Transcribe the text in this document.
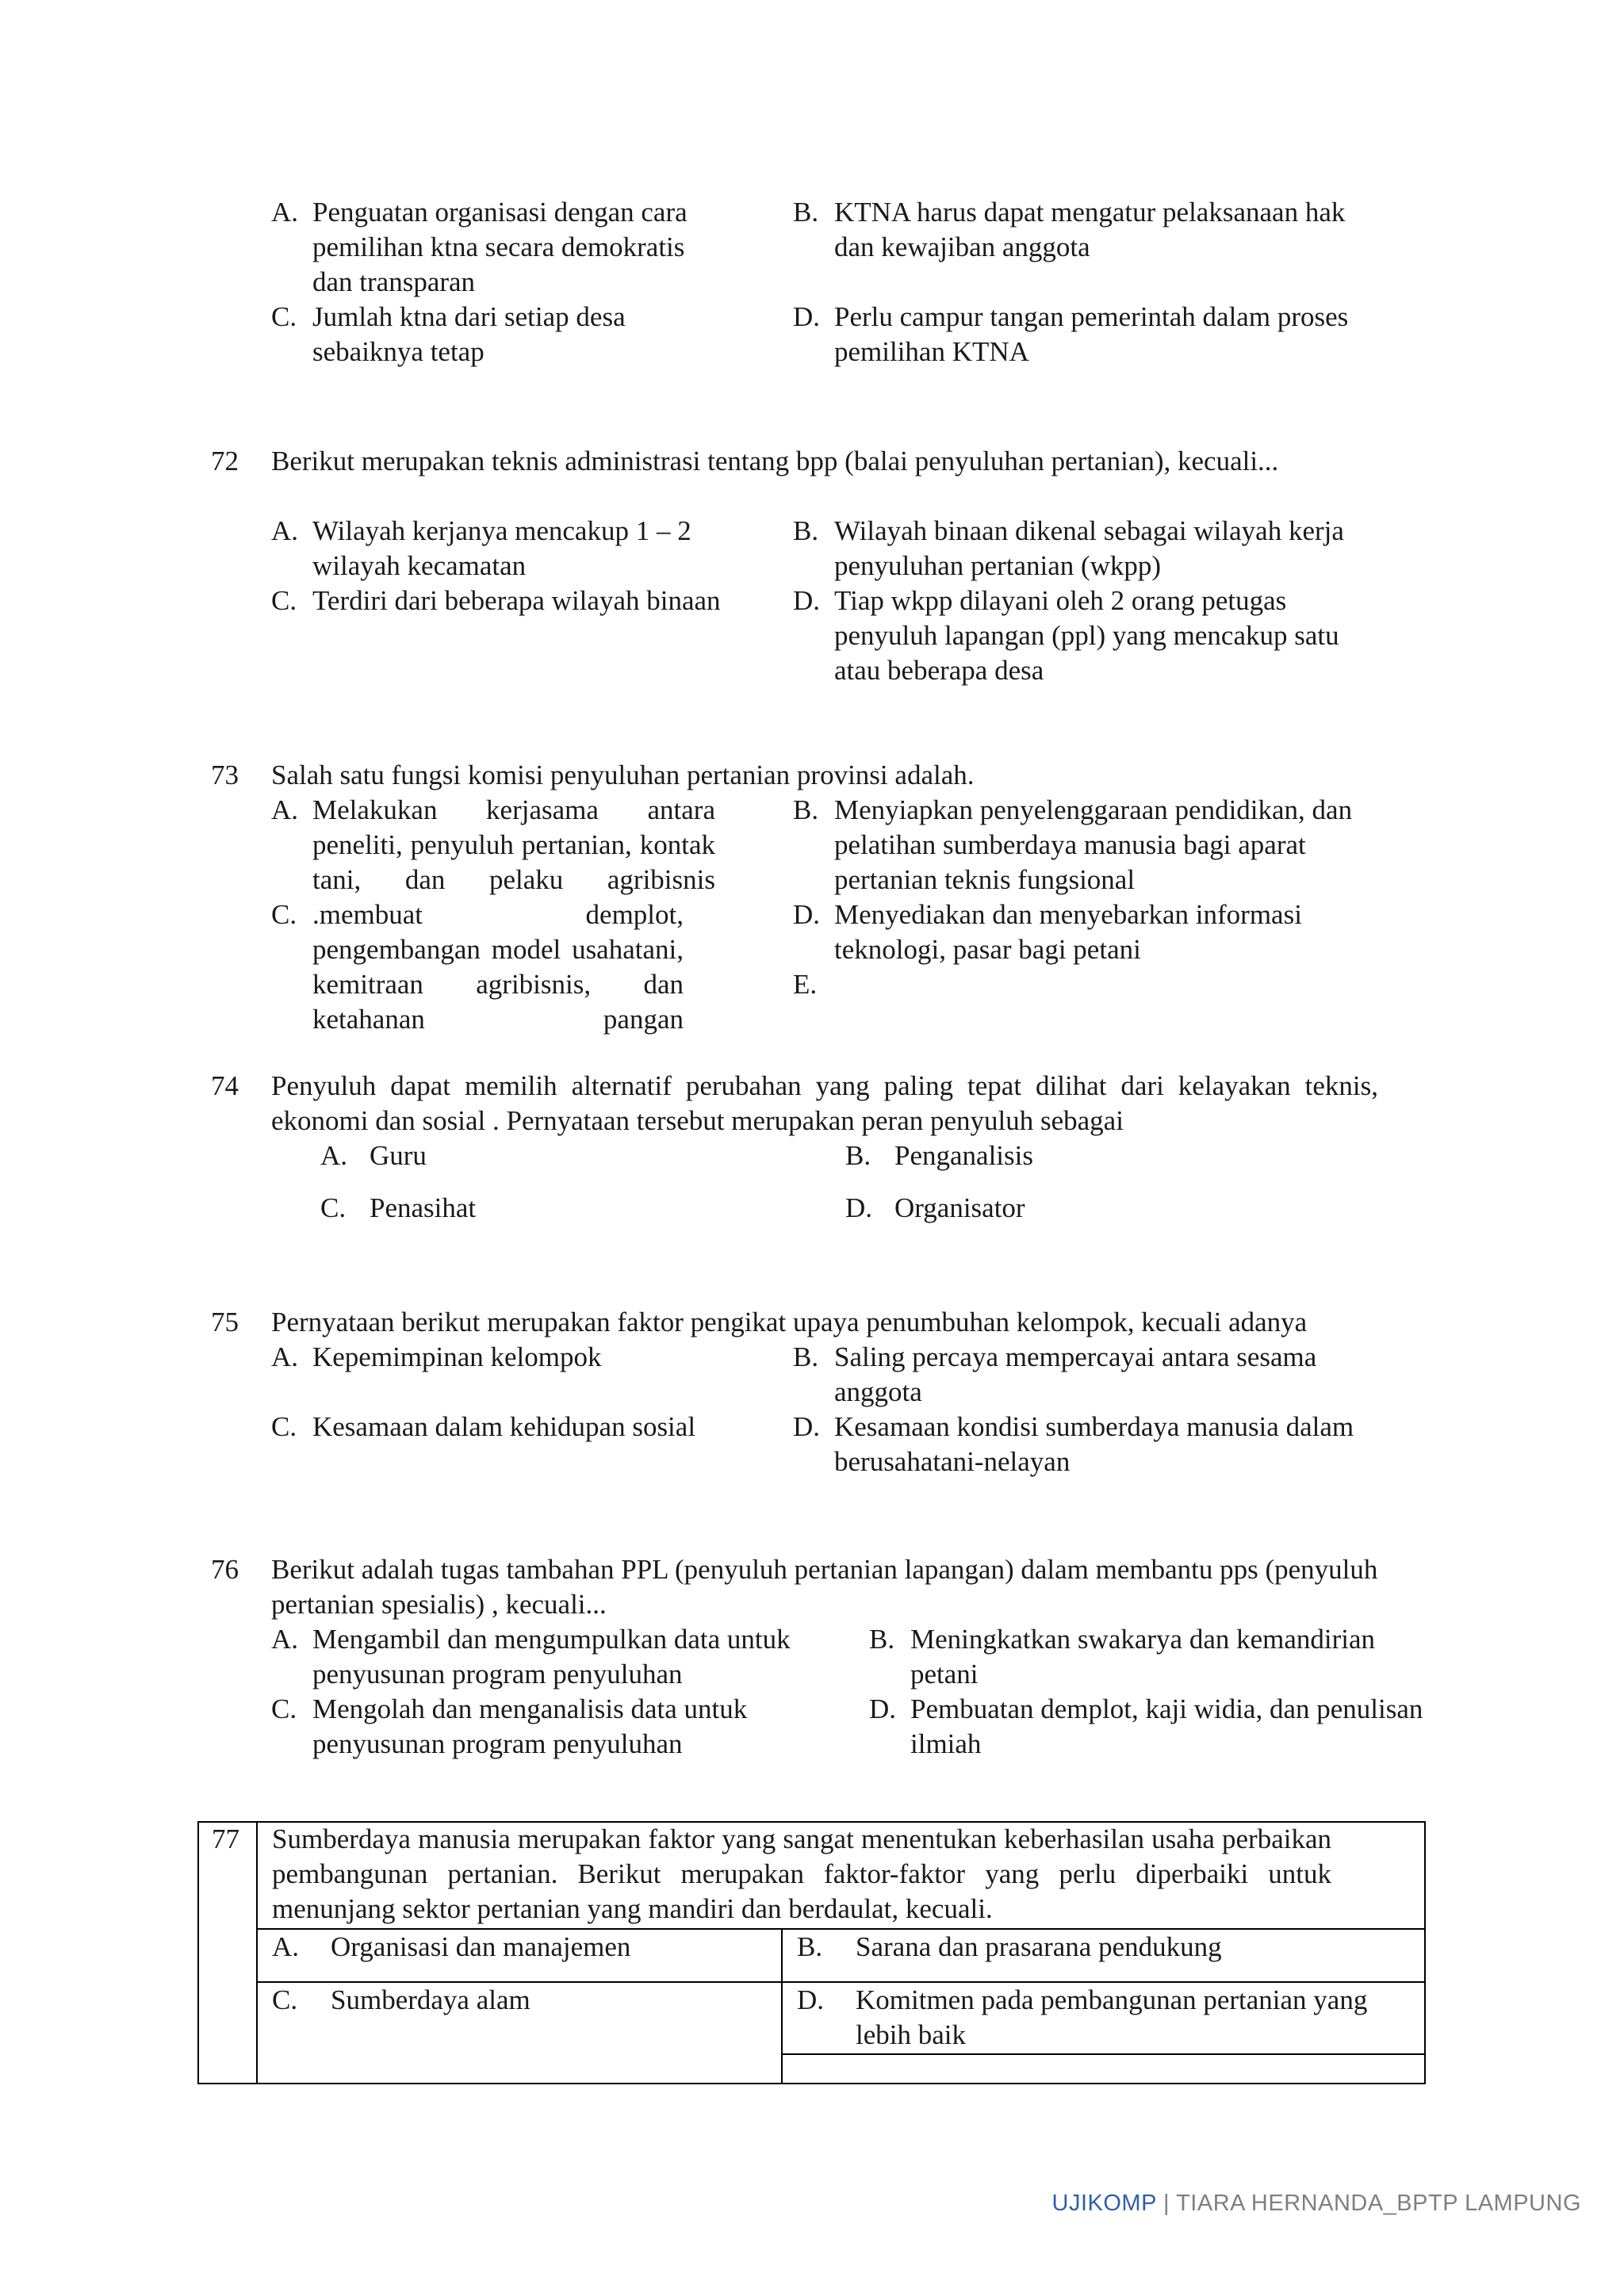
A. Penguatan organisasi dengan cara pemilihan ktna secara demokratis dan transparan
B. KTNA harus dapat mengatur pelaksanaan hak dan kewajiban anggota
C. Jumlah ktna dari setiap desa sebaiknya tetap
D. Perlu campur tangan pemerintah dalam proses pemilihan KTNA
72 Berikut merupakan teknis administrasi tentang bpp (balai penyuluhan pertanian), kecuali...
A. Wilayah kerjanya mencakup 1 – 2 wilayah kecamatan
B. Wilayah binaan dikenal sebagai wilayah kerja penyuluhan pertanian (wkpp)
C. Terdiri dari beberapa wilayah binaan	D. Tiap wkpp dilayani oleh 2 orang petugas penyuluh lapangan (ppl) yang mencakup satu atau beberapa desa
73 Salah satu fungsi komisi penyuluhan pertanian provinsi adalah.
A. Melakukan kerjasama antara peneliti, penyuluh pertanian, kontak tani, dan pelaku agribisnis
B. Menyiapkan penyelenggaraan pendidikan, dan pelatihan sumberdaya manusia bagi aparat pertanian teknis fungsional
C. .membuat demplot, pengembangan model usahatani, kemitraan agribisnis, dan ketahanan pangan
D. Menyediakan dan menyebarkan informasi teknologi, pasar bagi petani
E.
74 Penyuluh dapat memilih alternatif perubahan yang paling tepat dilihat dari kelayakan teknis, ekonomi dan sosial . Pernyataan tersebut merupakan peran penyuluh sebagai
A. Guru	B. Penganalisis
C. Penasihat	D. Organisator
75 Pernyataan berikut merupakan faktor pengikat upaya penumbuhan kelompok, kecuali adanya
A. Kepemimpinan kelompok	B. Saling percaya mempercayai antara sesama anggota
C. Kesamaan dalam kehidupan sosial	D. Kesamaan kondisi sumberdaya manusia dalam berusahatani-nelayan
76 Berikut adalah tugas tambahan PPL (penyuluh pertanian lapangan) dalam membantu pps (penyuluh pertanian spesialis) , kecuali...
A. Mengambil dan mengumpulkan data untuk penyusunan program penyuluhan
B. Meningkatkan swakarya dan kemandirian petani
C. Mengolah dan menganalisis data untuk penyusunan program penyuluhan
D. Pembuatan demplot, kaji widia, dan penulisan ilmiah
77 Sumberdaya manusia merupakan faktor yang sangat menentukan keberhasilan usaha perbaikan pembangunan pertanian. Berikut merupakan faktor-faktor yang perlu diperbaiki untuk menunjang sektor pertanian yang mandiri dan berdaulat, kecuali.
A. Organisasi dan manajemen	B. Sarana dan prasarana pendukung
C. Sumberdaya alam	D. Komitmen pada pembangunan pertanian yang lebih baik
UJIKOMP | TIARA HERNANDA_BPTP LAMPUNG
